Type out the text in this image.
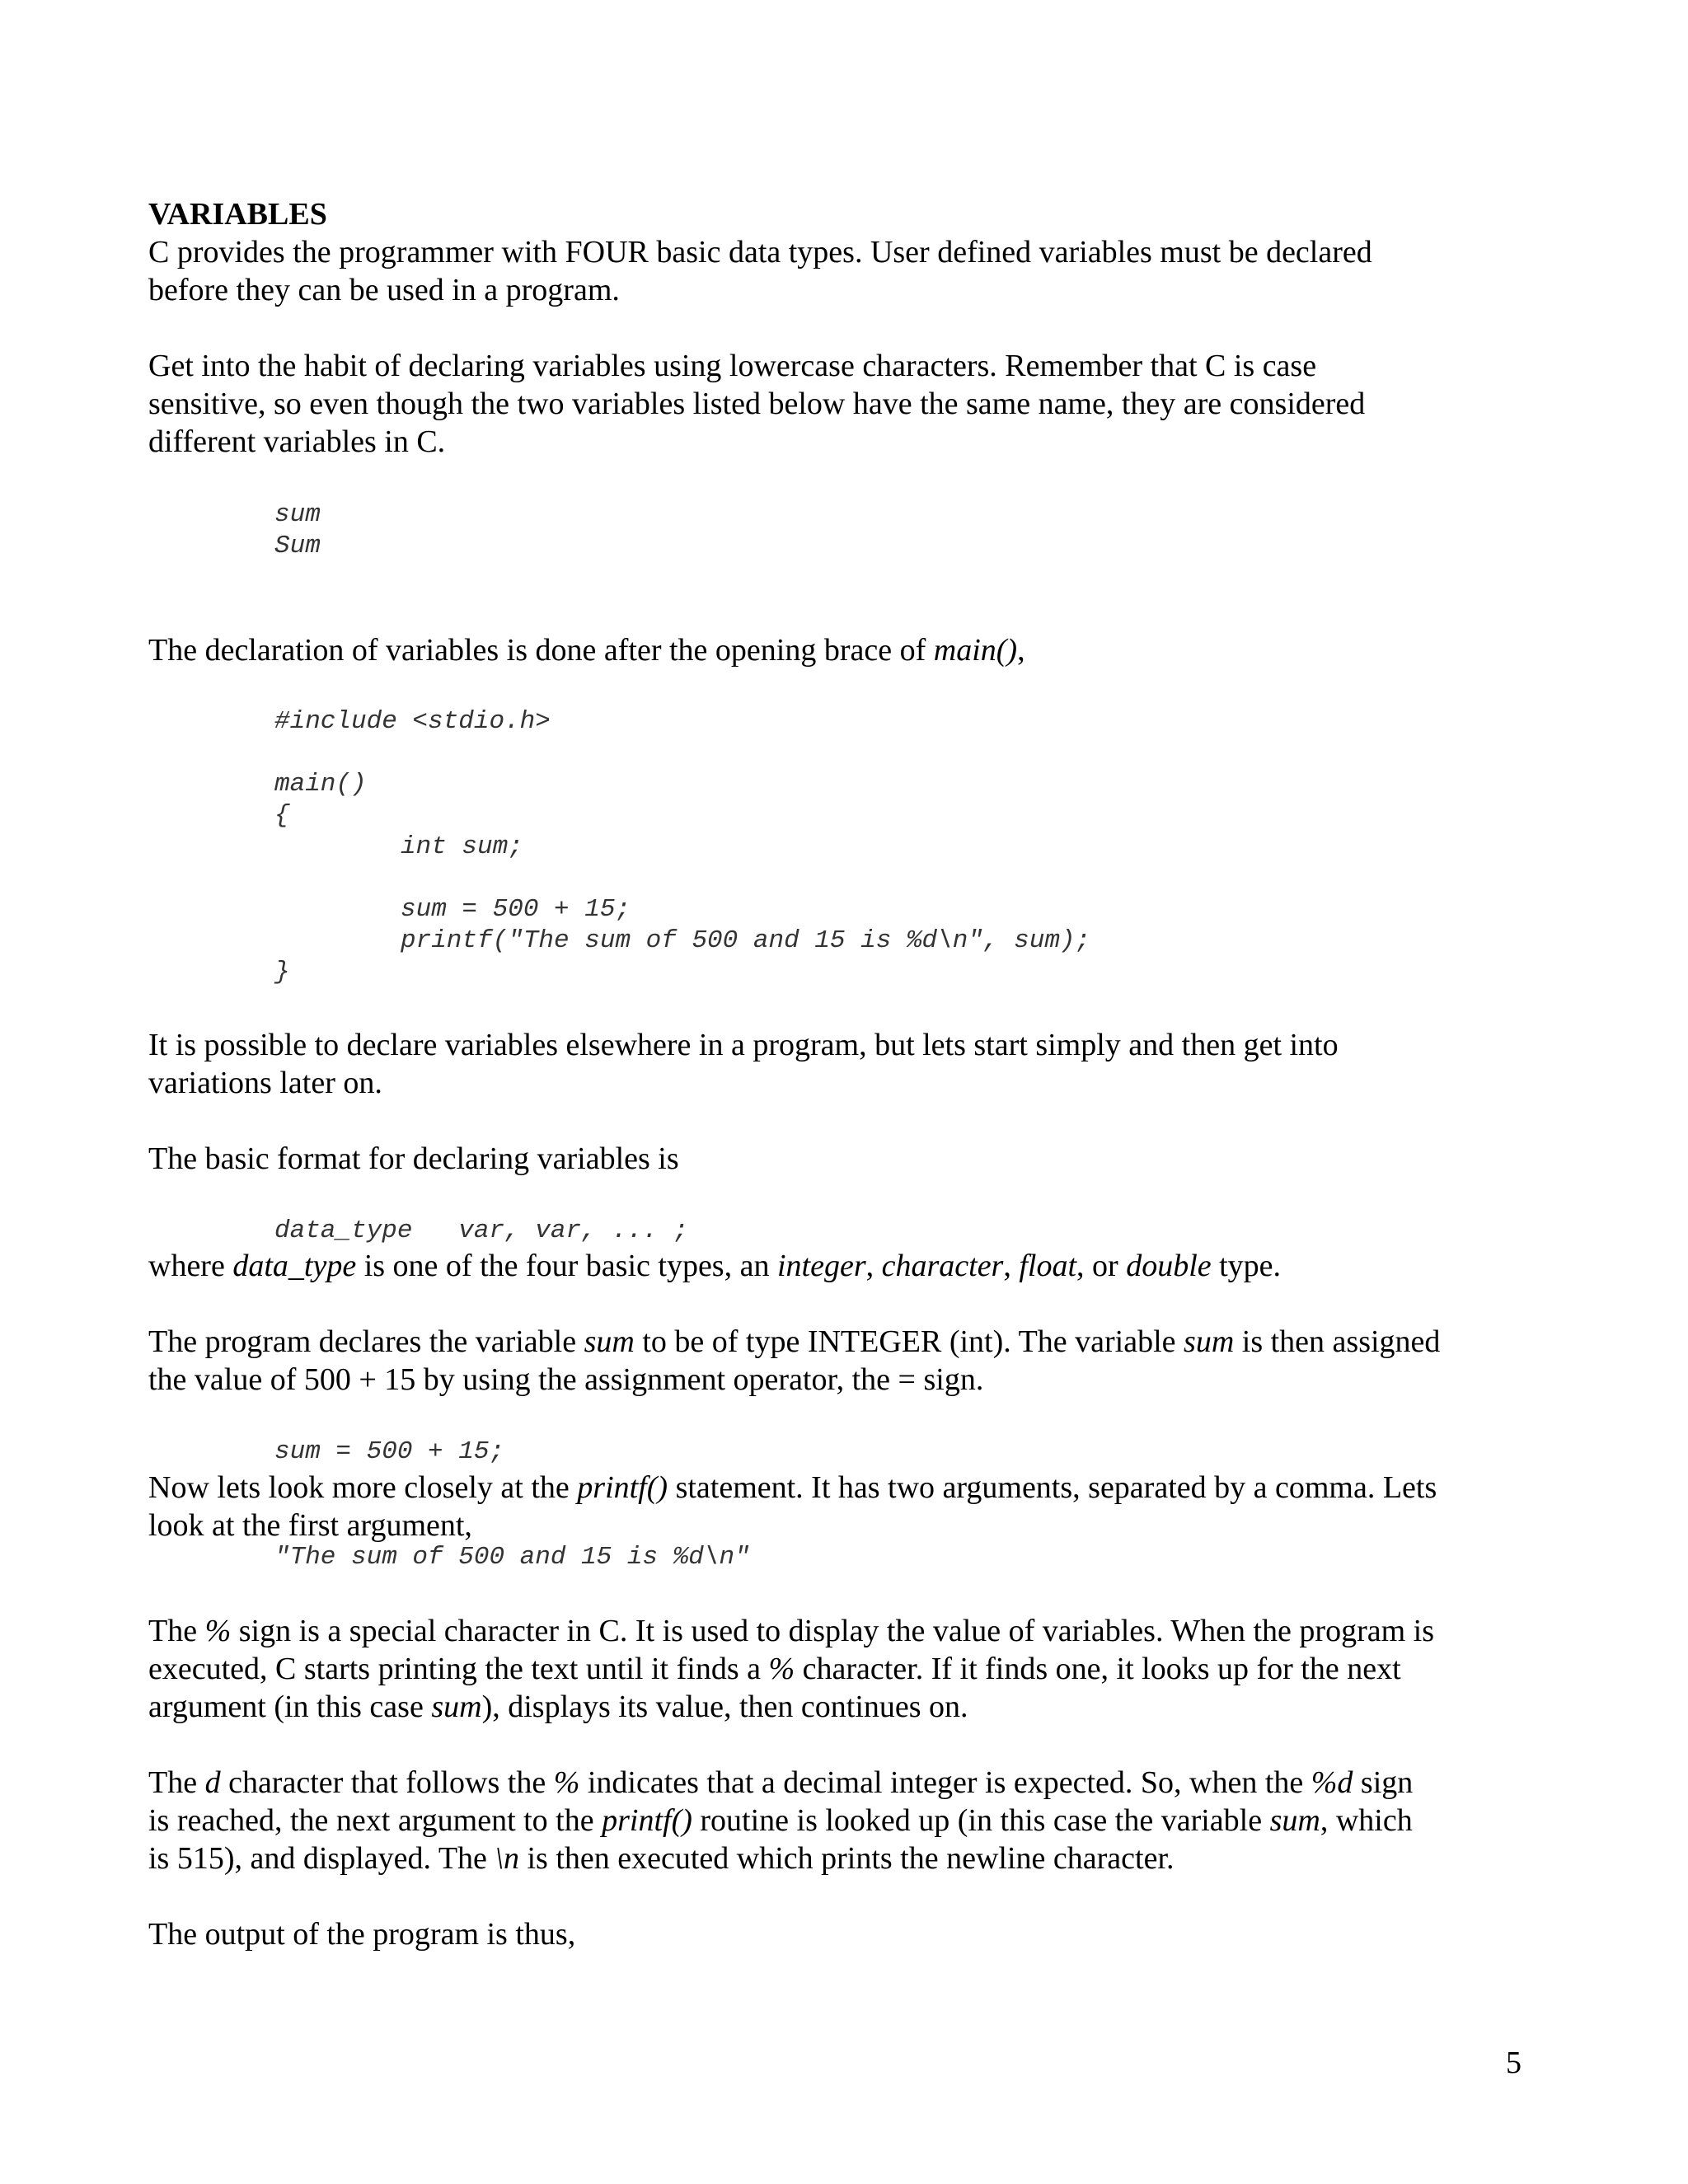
VARIABLES

C provides the programmer with FOUR basic data types. User defined variables must be declared

before they can be used in a program.

Get into the habit of declaring variables using lowercase characters. Remember that C is case

sensitive, so even though the two variables listed below have the same name, they are considered

different variables in C.

sum

Sum

The declaration of variables is done after the opening brace of main(),

#include <stdio.h>

main()

{

int sum;

sum = 500 + 15;

printf("The sum of 500 and 15 is %d\n", sum);

}

It is possible to declare variables elsewhere in a program, but lets start simply and then get into

variations later on.

The basic format for declaring variables is

data_type   var, var, ... ;

where data_type is one of the four basic types, an integer, character, float, or double type.

The program declares the variable sum to be of type INTEGER (int). The variable sum is then assigned

the value of 500 + 15 by using the assignment operator, the = sign.

sum = 500 + 15;

Now lets look more closely at the printf() statement. It has two arguments, separated by a comma. Lets

look at the first argument,

"The sum of 500 and 15 is %d\n"

The % sign is a special character in C. It is used to display the value of variables. When the program is

executed, C starts printing the text until it finds a % character. If it finds one, it looks up for the next

argument (in this case sum), displays its value, then continues on.

The d character that follows the % indicates that a decimal integer is expected. So, when the %d sign

is reached, the next argument to the printf() routine is looked up (in this case the variable sum, which

is 515), and displayed. The \n is then executed which prints the newline character.

The output of the program is thus,

5
